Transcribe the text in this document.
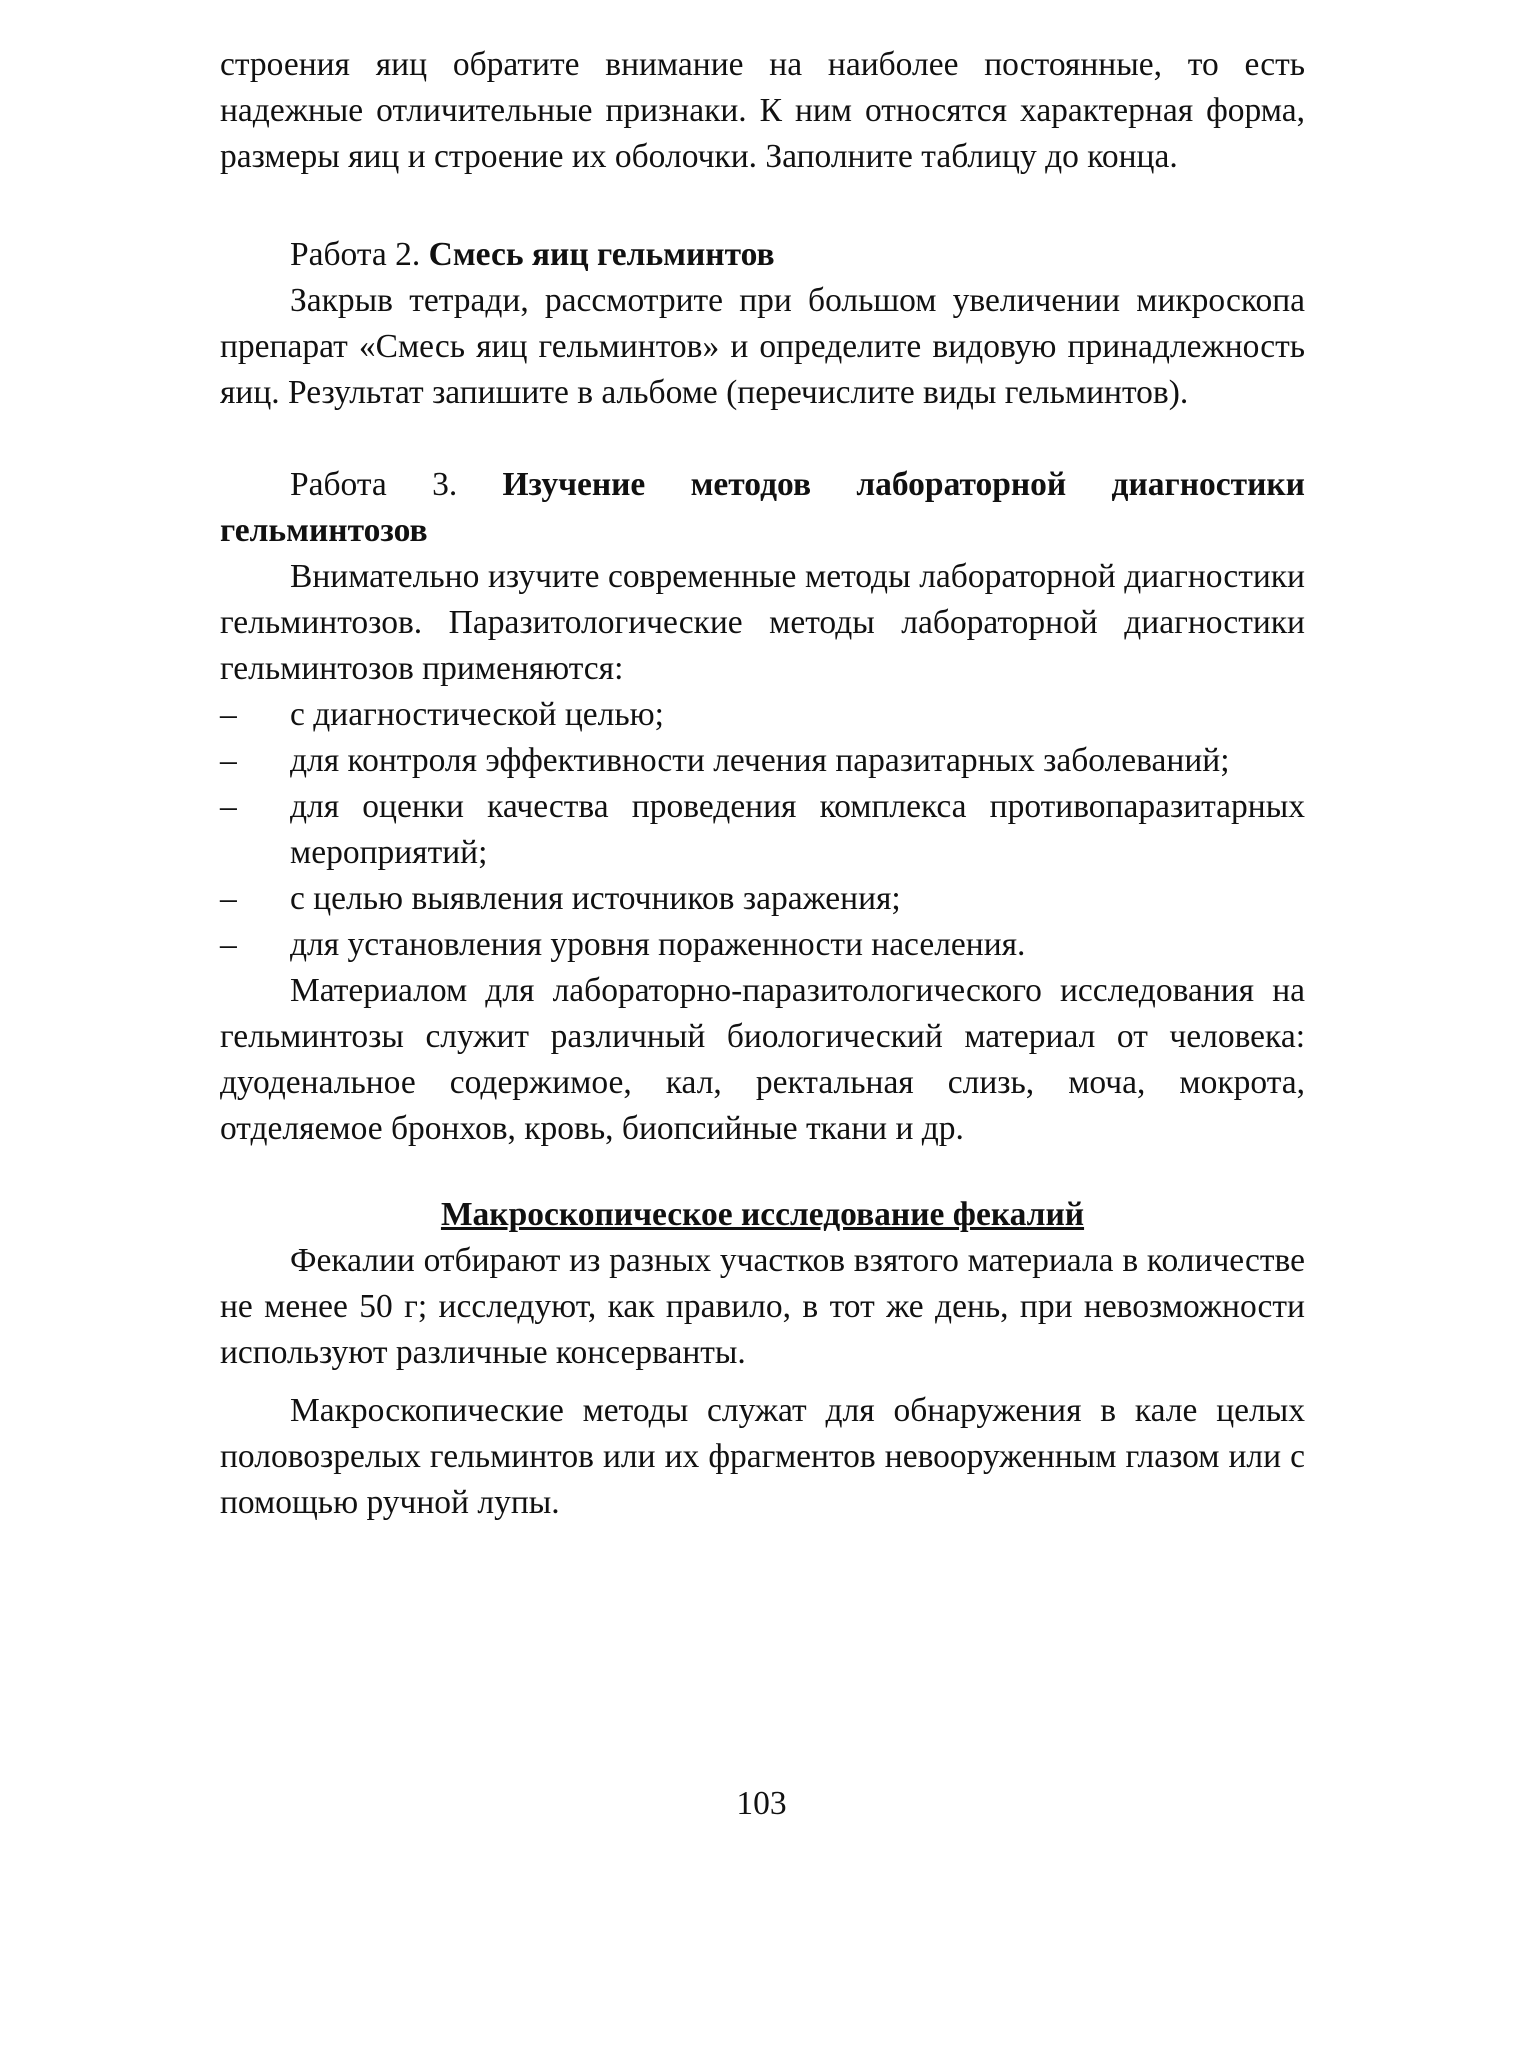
строения яиц обратите внимание на наиболее постоянные, то есть надежные отличительные признаки. К ним относятся характерная форма, размеры яиц и строение их оболочки. Заполните таблицу до конца.

Работа 2. Смесь яиц гельминтов

Закрыв тетради, рассмотрите при большом увеличении микроскопа препарат «Смесь яиц гельминтов» и определите видовую принадлежность яиц. Результат запишите в альбоме (перечислите виды гельминтов).

Работа 3. Изучение методов лабораторной диагностики гельминтозов

Внимательно изучите современные методы лабораторной диагностики гельминтозов. Паразитологические методы лабораторной диагностики гельминтозов применяются:

– с диагностической целью;
– для контроля эффективности лечения паразитарных заболеваний;
– для оценки качества проведения комплекса противопаразитарных мероприятий;
– с целью выявления источников заражения;
– для установления уровня пораженности населения.

Материалом для лабораторно-паразитологического исследования на гельминтозы служит различный биологический материал от человека: дуоденальное содержимое, кал, ректальная слизь, моча, мокрота, отделяемое бронхов, кровь, биопсийные ткани и др.

Макроскопическое исследование фекалий

Фекалии отбирают из разных участков взятого материала в количестве не менее 50 г; исследуют, как правило, в тот же день, при невозможности используют различные консерванты.

Макроскопические методы служат для обнаружения в кале целых половозрелых гельминтов или их фрагментов невооруженным глазом или с помощью ручной лупы.

103
